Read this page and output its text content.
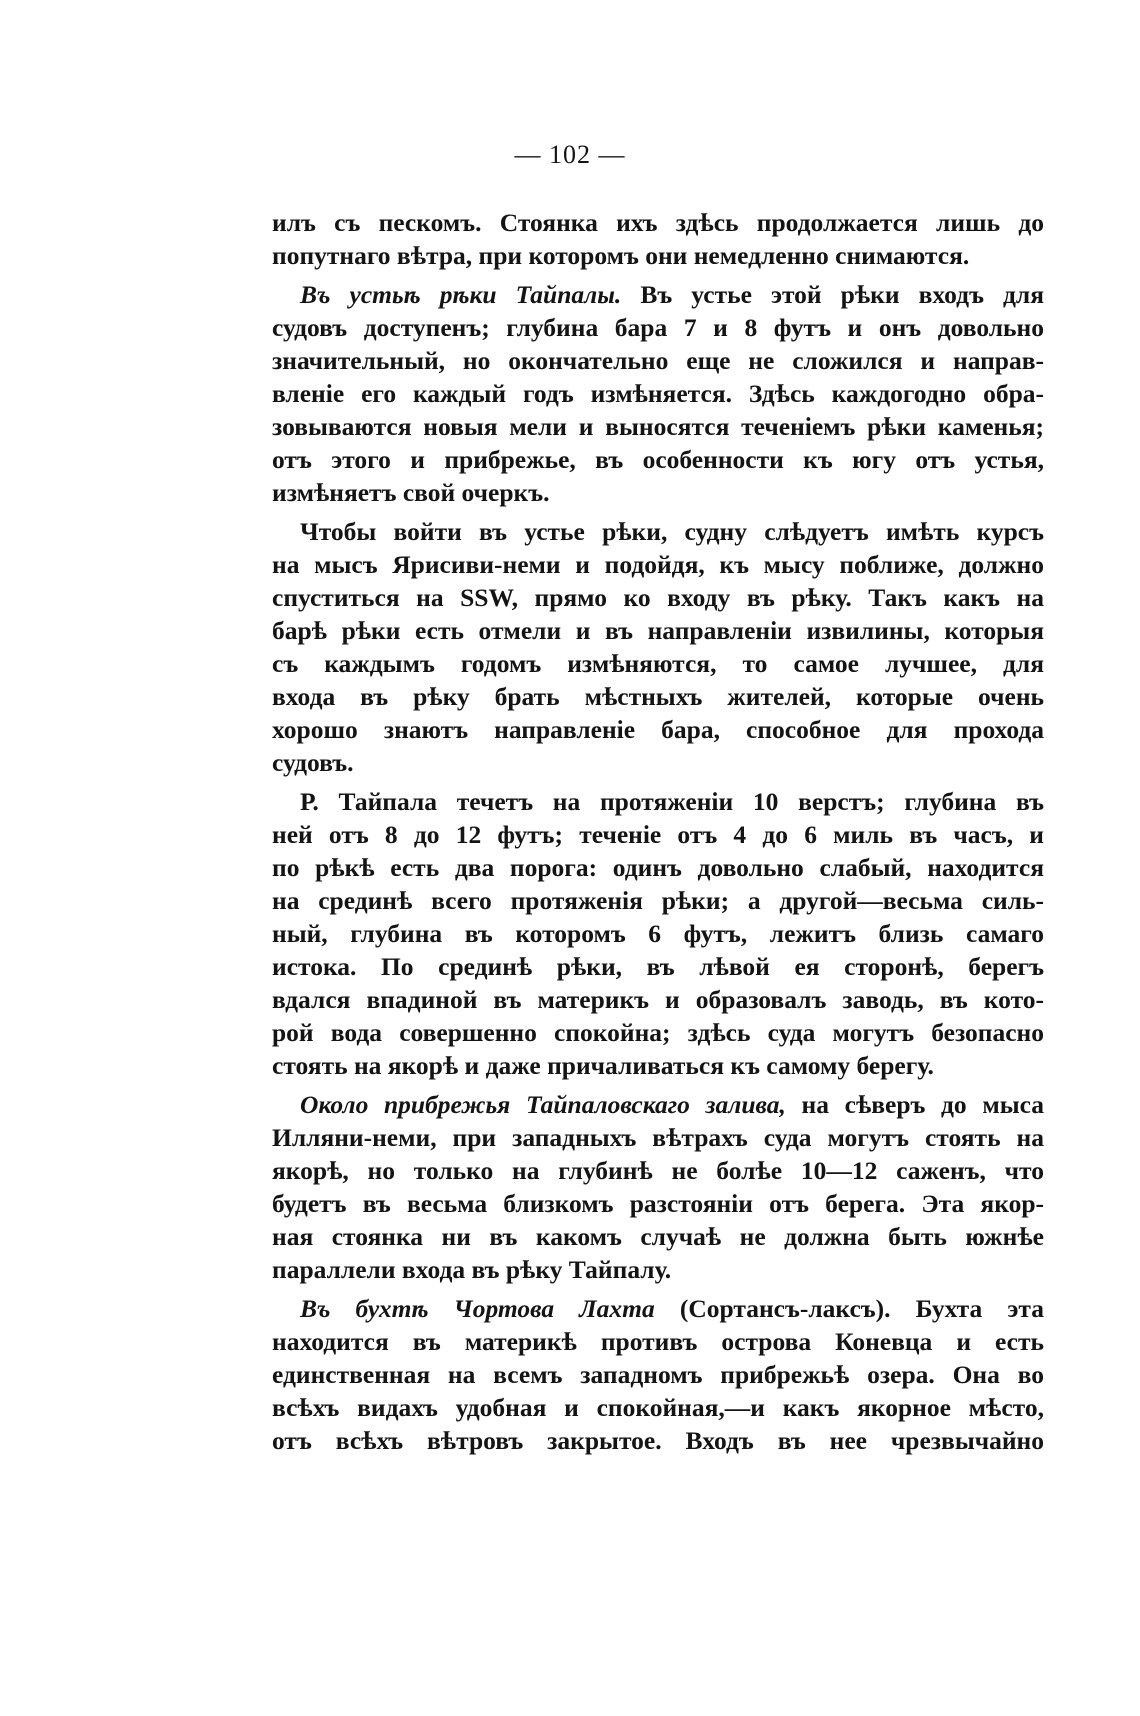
— 102 —
илъ съ пескомъ. Стоянка ихъ здѣсь продолжается лишь до
попутнаго вѣтра, при которомъ они немедленно снимаются.
Въ устьѣ рѣки Тайпалы. Въ устье этой рѣки входъ для
судовъ доступенъ; глубина бара 7 и 8 футъ и онъ довольно
значительный, но окончательно еще не сложился и направ-
вленіе его каждый годъ измѣняется. Здѣсь каждогодно обра-
зовываются новыя мели и выносятся теченіемъ рѣки каменья;
отъ этого и прибрежье, въ особенности къ югу отъ устья,
измѣняетъ свой очеркъ.
Чтобы войти въ устье рѣки, судну слѣдуетъ имѣть курсъ
на мысъ Ярисиви-неми и подойдя, къ мысу поближе, должно
спуститься на SSW, прямо ко входу въ рѣку. Такъ какъ на
барѣ рѣки есть отмели и въ направленіи извилины, которыя
съ каждымъ годомъ измѣняются, то самое лучшее, для
входа въ рѣку брать мѣстныхъ жителей, которые очень
хорошо знаютъ направленіе бара, способное для прохода
судовъ.
Р. Тайпала течетъ на протяженіи 10 верстъ; глубина въ
ней отъ 8 до 12 футъ; теченіе отъ 4 до 6 миль въ часъ, и
по рѣкѣ есть два порога: одинъ довольно слабый, находится
на срединѣ всего протяженія рѣки; а другой—весьма силь-
ный, глубина въ которомъ 6 футъ, лежитъ близь самаго
истока. По срединѣ рѣки, въ лѣвой ея сторонѣ, берегъ
вдался впадиной въ материкъ и образовалъ заводь, въ кото-
рой вода совершенно спокойна; здѣсь суда могутъ безопасно
стоять на якорѣ и даже причаливаться къ самому берегу.
Около прибрежья Тайпаловскаго залива, на сѣверъ до мыса
Илляни-неми, при западныхъ вѣтрахъ суда могутъ стоять на
якорѣ, но только на глубинѣ не болѣе 10—12 саженъ, что
будетъ въ весьма близкомъ разстояніи отъ берега. Эта якор-
ная стоянка ни въ какомъ случаѣ не должна быть южнѣе
параллели входа въ рѣку Тайпалу.
Въ бухтѣ Чортова Лахта (Сортансъ-лаксъ). Бухта эта
находится въ материкѣ противъ острова Коневца и есть
единственная на всемъ западномъ прибрежьѣ озера. Она во
всѣхъ видахъ удобная и спокойная,—и какъ якорное мѣсто,
отъ всѣхъ вѣтровъ закрытое. Входъ въ нее чрезвычайно
